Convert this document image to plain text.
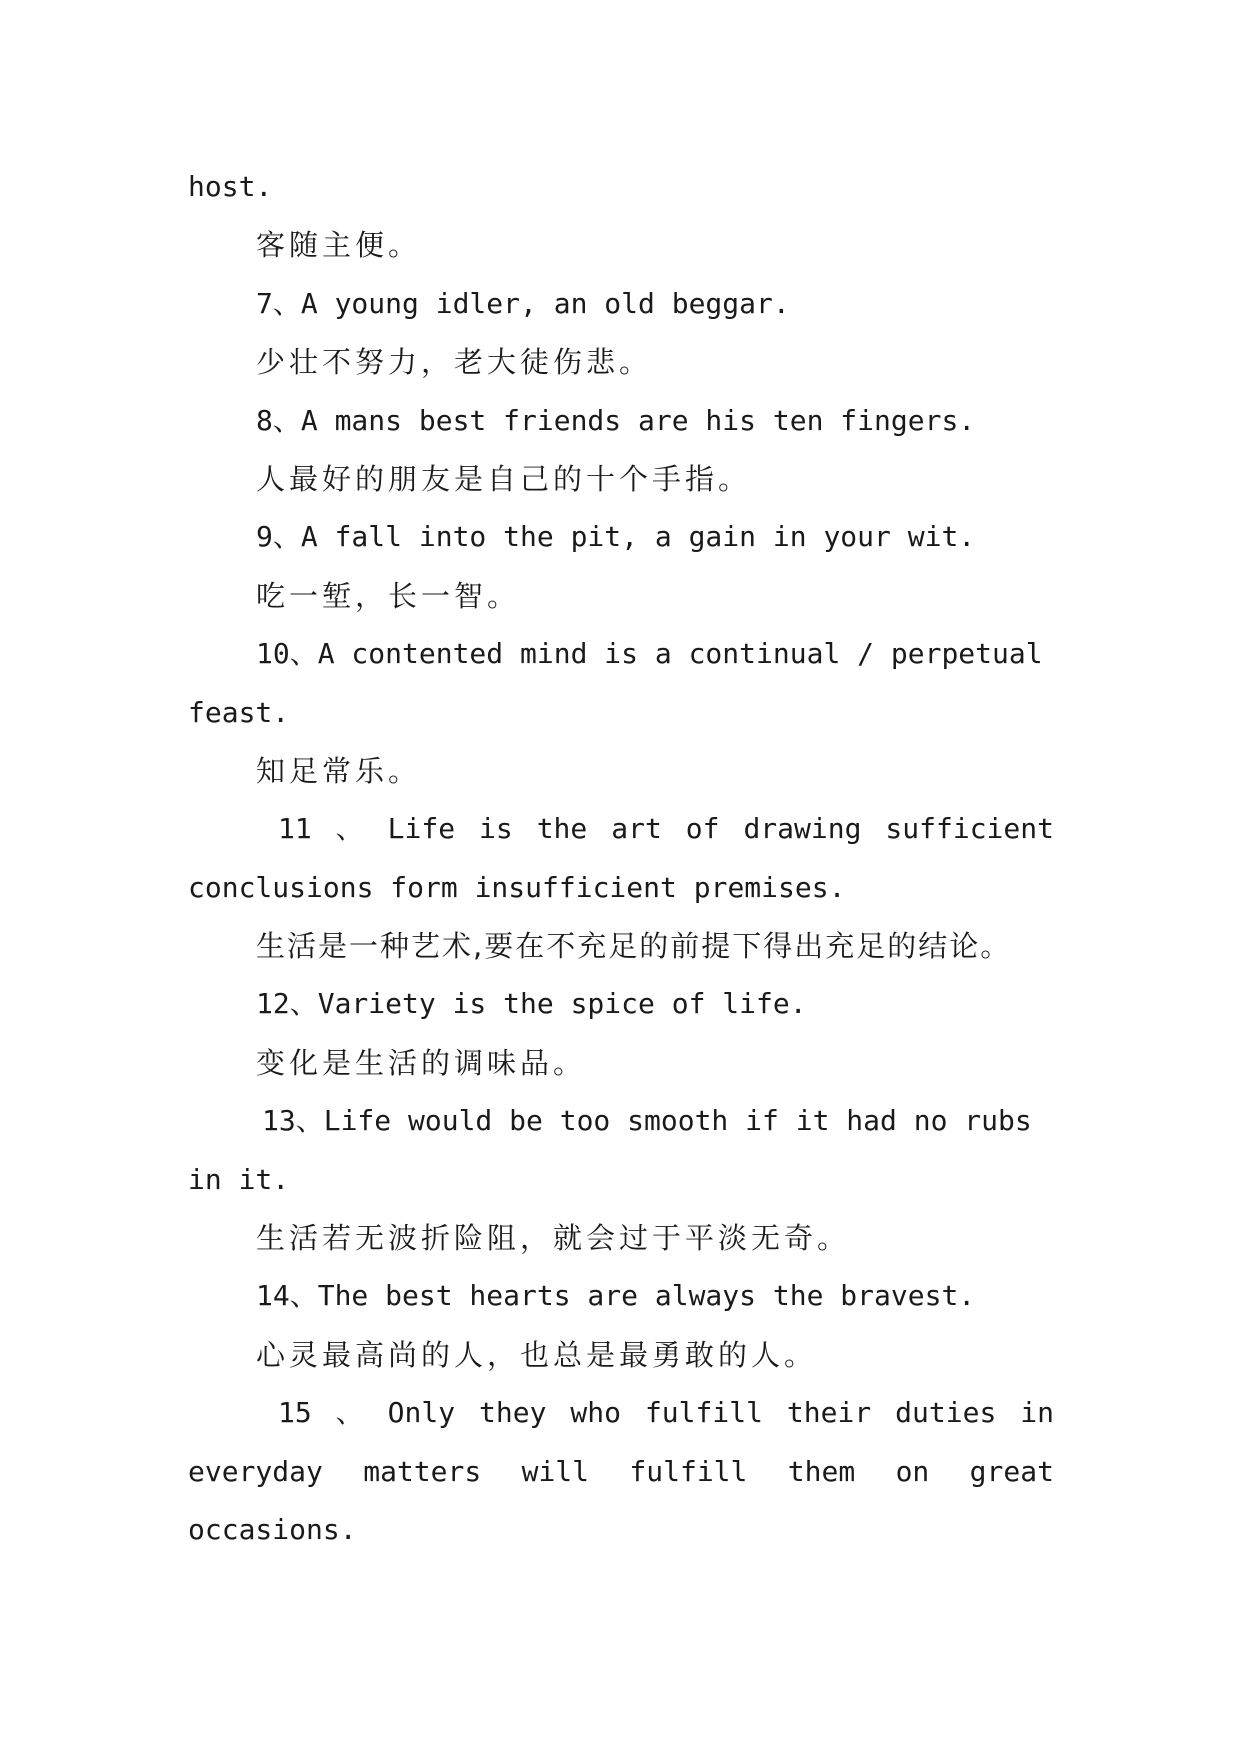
host.
客随主便。
7、A young idler, an old beggar.
少壮不努力，老大徒伤悲。
8、A mans best friends are his ten fingers.
人最好的朋友是自己的十个手指。
9、A fall into the pit, a gain in your wit.
吃一堑，长一智。
10、A contented mind is a continual / perpetual
feast.
知足常乐。
11 、 Life is the art of drawing sufficient
conclusions form insufficient premises.
生活是一种艺术,要在不充足的前提下得出充足的结论。
12、Variety is the spice of life.
变化是生活的调味品。
13、Life would be too smooth if it had no rubs
in it.
生活若无波折险阻，就会过于平淡无奇。
14、The best hearts are always the bravest.
心灵最高尚的人，也总是最勇敢的人。
15 、 Only they who fulfill their duties in
everyday matters will fulfill them on great
occasions.
